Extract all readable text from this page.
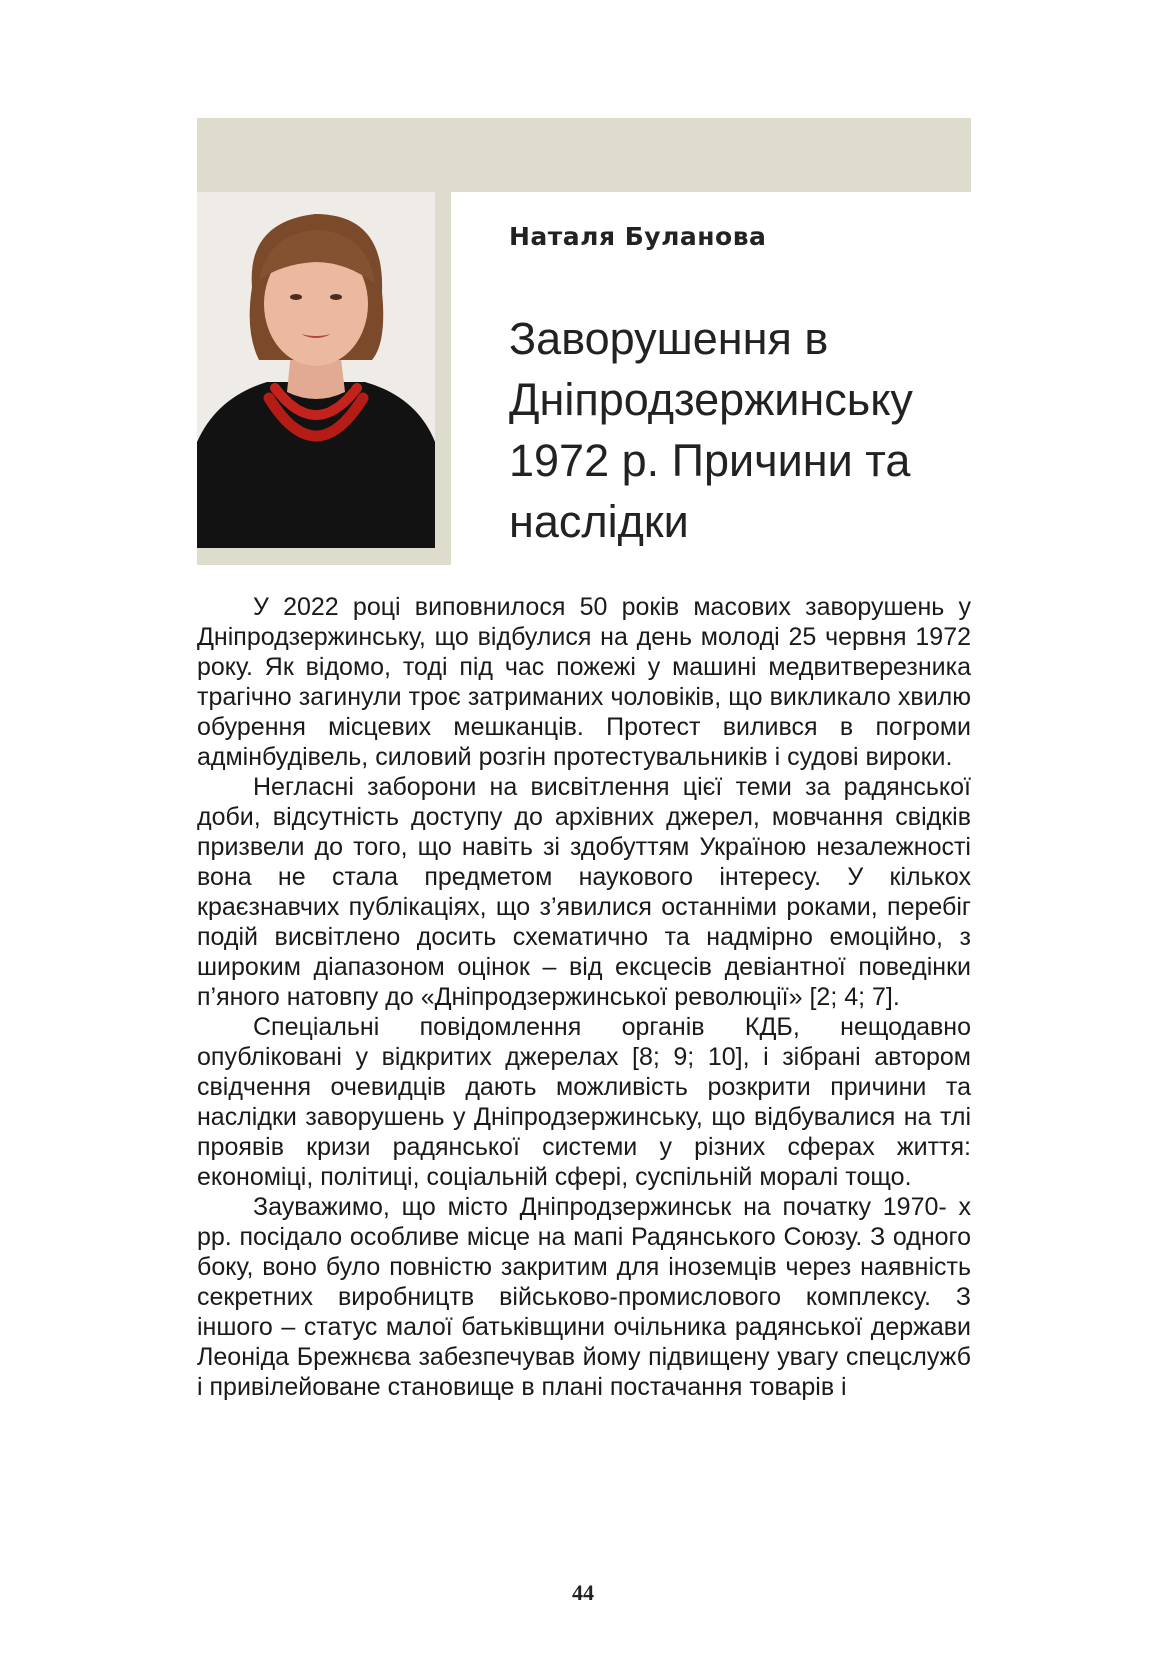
Наталя Буланова
Заворушення в Дніпродзержинську 1972 р. Причини та наслідки

У 2022 році виповнилося 50 років масових заворушень у Дніпродзержинську, що відбулися на день молоді 25 червня 1972 року. Як відомо, тоді під час пожежі у машині медвитверезника трагічно загинули троє затриманих чоловіків, що викликало хвилю обурення місцевих мешканців. Протест вилився в погроми адмінбудівель, силовий розгін протестувальників і судові вироки.

Негласні заборони на висвітлення цієї теми за радянської доби, відсутність доступу до архівних джерел, мовчання свідків призвели до того, що навіть зі здобуттям Україною незалежності вона не стала предметом наукового інтересу. У кількох краєзнавчих публікаціях, що з’явилися останніми роками, перебіг подій висвітлено досить схематично та надмірно емоційно, з широким діапазоном оцінок – від ексцесів девіантної поведінки п’яного натовпу до «Дніпродзержинської революції» [2; 4; 7].

Спеціальні повідомлення органів КДБ, нещодавно опубліковані у відкритих джерелах [8; 9; 10], і зібрані автором свідчення очевидців дають можливість розкрити причини та наслідки заворушень у Дніпродзержинську, що відбувалися на тлі проявів кризи радянської системи у різних сферах життя: економіці, політиці, соціальній сфері, суспільній моралі тощо.

Зауважимо, що місто Дніпродзержинськ на початку 1970- х рр. посідало особливе місце на мапі Радянського Союзу. З одного боку, воно було повністю закритим для іноземців через наявність секретних виробництв військово-промислового комплексу. З іншого – статус малої батьківщини очільника радянської держави Леоніда Брежнєва забезпечував йому підвищену увагу спецслужб і привілейоване становище в плані постачання товарів і

44
